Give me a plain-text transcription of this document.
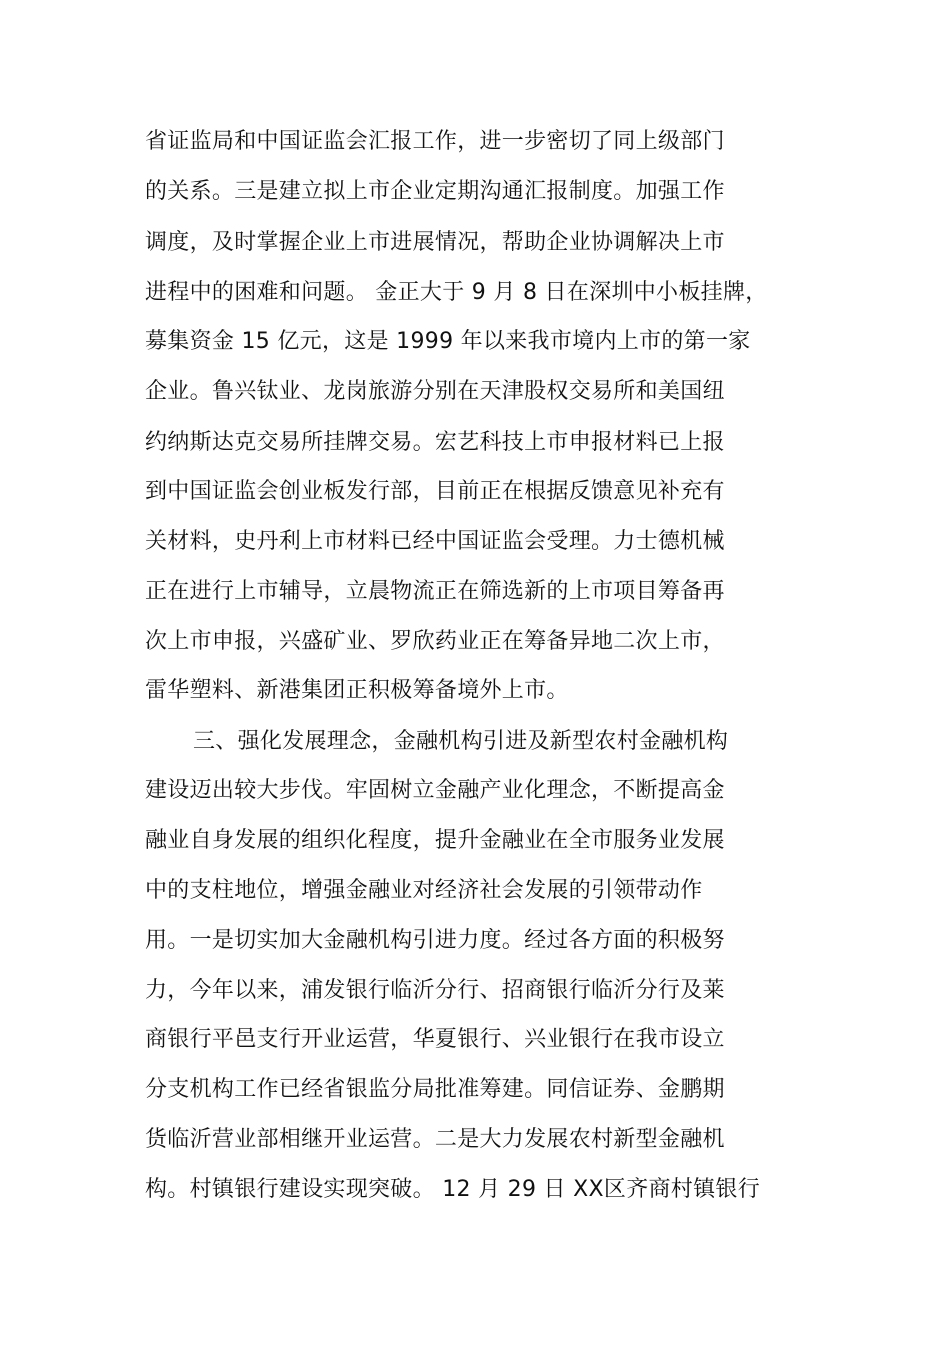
省证监局和中国证监会汇报工作，进一步密切了同上级部门
的关系。三是建立拟上市企业定期沟通汇报制度。加强工作
调度，及时掌握企业上市进展情况，帮助企业协调解决上市
进程中的困难和问题。 金正大于 9 月 8 日在深圳中小板挂牌，
募集资金 15 亿元，这是 1999 年以来我市境内上市的第一家
企业。鲁兴钛业、龙岗旅游分别在天津股权交易所和美国纽
约纳斯达克交易所挂牌交易。宏艺科技上市申报材料已上报
到中国证监会创业板发行部，目前正在根据反馈意见补充有
关材料，史丹利上市材料已经中国证监会受理。力士德机械
正在进行上市辅导，立晨物流正在筛选新的上市项目筹备再
次上市申报，兴盛矿业、罗欣药业正在筹备异地二次上市，
雷华塑料、新港集团正积极筹备境外上市。
三、强化发展理念，金融机构引进及新型农村金融机构
建设迈出较大步伐。牢固树立金融产业化理念，不断提高金
融业自身发展的组织化程度，提升金融业在全市服务业发展
中的支柱地位，增强金融业对经济社会发展的引领带动作
用。一是切实加大金融机构引进力度。经过各方面的积极努
力，今年以来，浦发银行临沂分行、招商银行临沂分行及莱
商银行平邑支行开业运营，华夏银行、兴业银行在我市设立
分支机构工作已经省银监分局批准筹建。同信证券、金鹏期
货临沂营业部相继开业运营。二是大力发展农村新型金融机
构。村镇银行建设实现突破。 12 月 29 日 XX区齐商村镇银行
